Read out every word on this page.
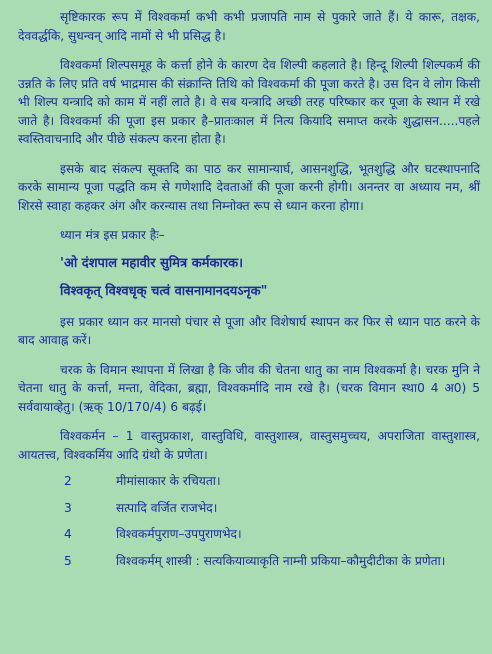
सृष्टिकारक रूप में विश्वकर्मा कभी कभी प्रजापति नाम से पुकारे जाते हैं। ये कारू, तक्षक, देववर्द्धकि, सुधन्वन् आदि नामों से भी प्रसिद्ध है।

विश्वकर्मा शिल्पसमूह के कर्त्ता होने के कारण देव शिल्पी कहलाते है। हिन्दू शिल्पी शिल्पकर्म की उन्नति के लिए प्रति वर्ष भाद्रमास की संक्रान्ति तिथि को विश्वकर्मा की पूजा करते है। उस दिन वे लोग किसी भी शिल्प यन्त्रादि को काम में नहीं लाते है। वे सब यन्त्रादि अच्छी तरह परिष्कार कर पूजा के स्थान में रखे जाते है। विश्वकर्मा की पूजा इस प्रकार है–प्रातःकाल में नित्य कियादि समाप्त करके शुद्धासन.....पहले स्वस्तिवाचनादि और पीछे संकल्प करना होता है।

इसके बाद संकल्प सूक्तदि का पाठ कर सामान्यार्घ, आसनशुद्धि, भूतशुद्धि और घटस्थापनादि करके सामान्य पूजा पद्धति कम से गणेशादि देवताओं की पूजा करनी होगी। अनन्तर वा अध्याय नम, श्रीं शिरसे स्वाहा कहकर अंग और करन्यास तथा निम्नोक्त रूप से ध्यान करना होगा।

ध्यान मंत्र इस प्रकार हैः–

'ओ दंशपाल महावीर सुमित्र कर्मकारक।

विश्वकृत् विश्वधृक् चत्वं वासनामानदयऽनृक"

इस प्रकार ध्यान कर मानसो पंचार से पूजा और विशेषार्घ स्थापन कर फिर से ध्यान पाठ करने के बाद आवाह्न करें।

चरक के विमान स्थापना में लिखा है कि जीव की चेतना धातु का नाम विश्वकर्मा है। चरक मुनि ने चेतना धातु के कर्त्ता, मन्ता, वेदिका, ब्रह्मा, विश्वकर्मादि नाम रखे है। (चरक विमान स्था0 4 अ0) 5 सर्ववायाव्हेतु। (ऋक् 10/170/4) 6 बढ़ई।

विश्वकर्मन – 1 वास्तुप्रकाश, वास्तुविधि, वास्तुशास्त्र, वास्तुसमुच्चय, अपराजिता वास्तुशास्त्र, आयतत्त्व, विश्वकर्मिय आदि ग्रंथो के प्रणेता।

2	मीमांसाकार के रचियता।
3	सत्पादि वर्जित राजभेद।
4	विश्वकर्मपुराण–उपपुराणभेद।
5	विश्वकर्मम् शास्त्री : सत्यकियाव्याकृति नाम्नी प्रकिया–कौमुदीटीका के प्रणेता।
